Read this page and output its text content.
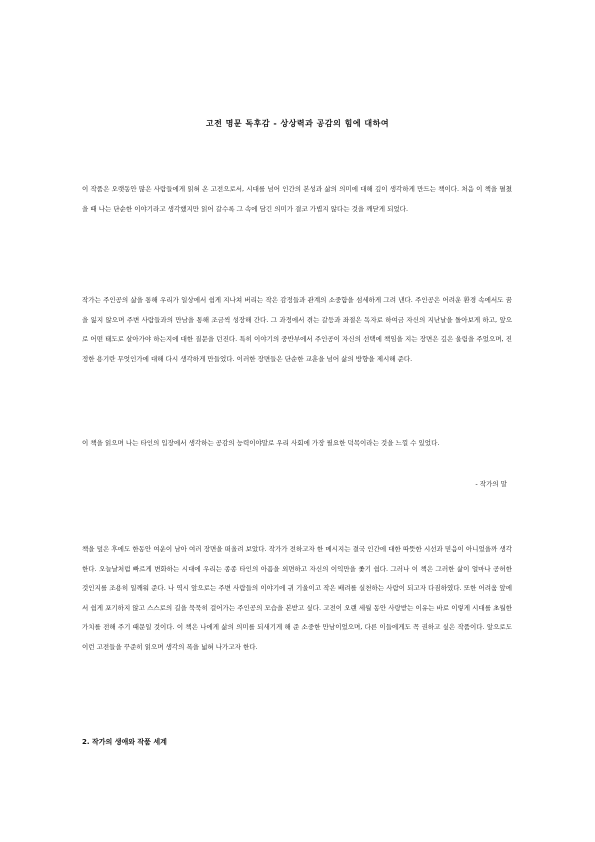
고전 명문 독후감 - 상상력과 공감의 힘에 대하여
이 작품은 오랫동안 많은 사람들에게 읽혀 온 고전으로서, 시대를 넘어 인간의 본성과 삶의 의미에 대해 깊이 생각하게 만드는 책이다. 처음 이 책을 펼쳤을 때 나는 단순한 이야기라고 생각했지만 읽어 갈수록 그 속에 담긴 의미가 결코 가볍지 않다는 것을 깨닫게 되었다.
작가는 주인공의 삶을 통해 우리가 일상에서 쉽게 지나쳐 버리는 작은 감정들과 관계의 소중함을 섬세하게 그려 낸다. 주인공은 어려운 환경 속에서도 꿈을 잃지 않으며 주변 사람들과의 만남을 통해 조금씩 성장해 간다. 그 과정에서 겪는 갈등과 좌절은 독자로 하여금 자신의 지난날을 돌아보게 하고, 앞으로 어떤 태도로 살아가야 하는지에 대한 질문을 던진다. 특히 이야기의 중반부에서 주인공이 자신의 선택에 책임을 지는 장면은 깊은 울림을 주었으며, 진정한 용기란 무엇인가에 대해 다시 생각하게 만들었다. 이러한 장면들은 단순한 교훈을 넘어 삶의 방향을 제시해 준다.
이 책을 읽으며 나는 타인의 입장에서 생각하는 공감의 능력이야말로 우리 사회에 가장 필요한 덕목이라는 것을 느낄 수 있었다.
- 작가의 말
책을 덮은 후에도 한동안 여운이 남아 여러 장면을 떠올려 보았다. 작가가 전하고자 한 메시지는 결국 인간에 대한 따뜻한 시선과 믿음이 아니었을까 생각한다. 오늘날처럼 빠르게 변화하는 시대에 우리는 종종 타인의 아픔을 외면하고 자신의 이익만을 좇기 쉽다. 그러나 이 책은 그러한 삶이 얼마나 공허한 것인지를 조용히 일깨워 준다. 나 역시 앞으로는 주변 사람들의 이야기에 귀 기울이고 작은 배려를 실천하는 사람이 되고자 다짐하였다. 또한 어려움 앞에서 쉽게 포기하지 않고 스스로의 길을 묵묵히 걸어가는 주인공의 모습을 본받고 싶다. 고전이 오랜 세월 동안 사랑받는 이유는 바로 이렇게 시대를 초월한 가치를 전해 주기 때문일 것이다. 이 책은 나에게 삶의 의미를 되새기게 해 준 소중한 만남이었으며, 다른 이들에게도 꼭 권하고 싶은 작품이다. 앞으로도 이런 고전들을 꾸준히 읽으며 생각의 폭을 넓혀 나가고자 한다.
2. 작가의 생애와 작품 세계
